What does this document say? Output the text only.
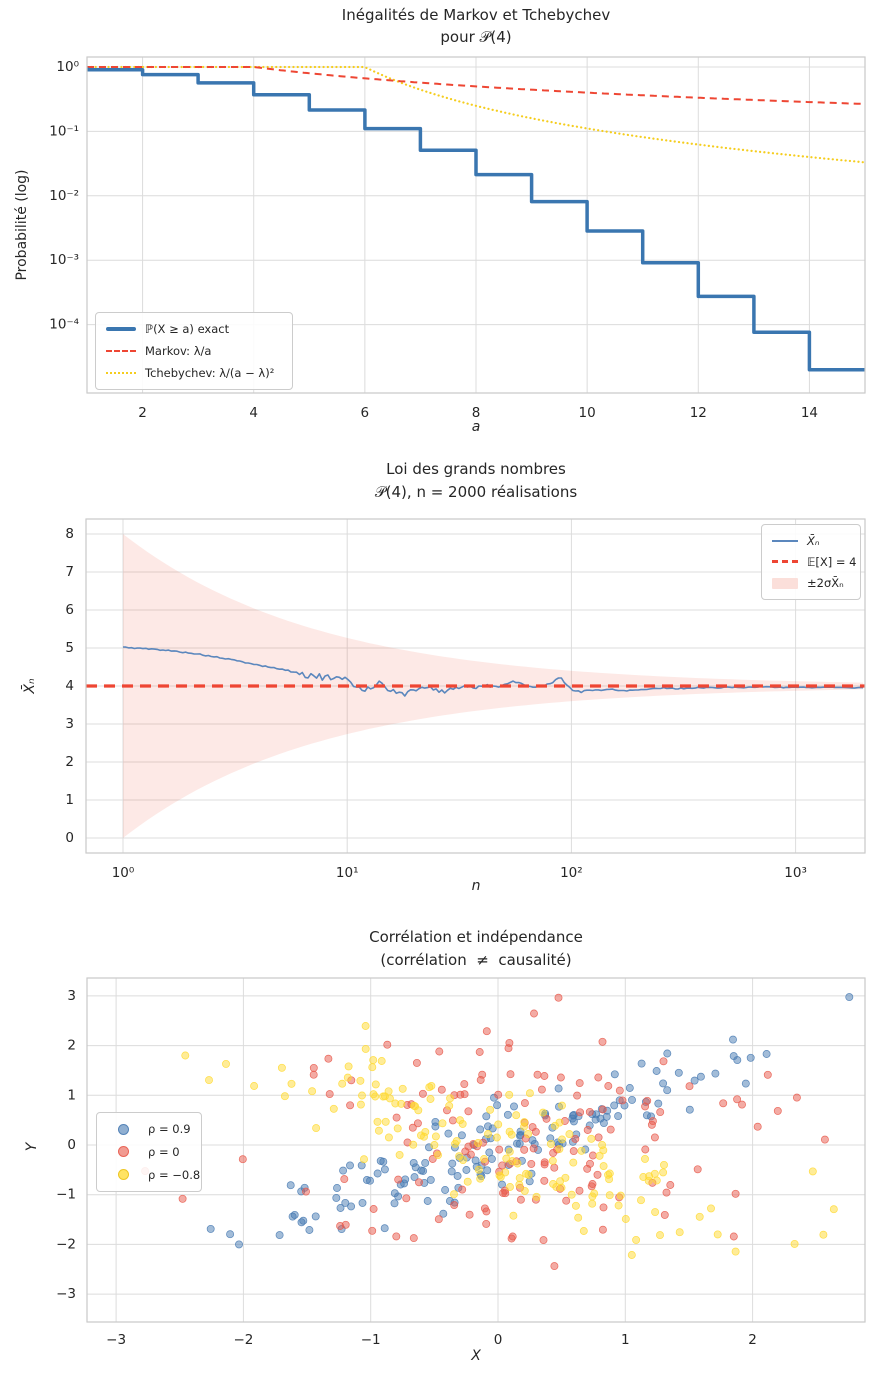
2	4	6	8	10	12	14
10⁰
10⁻¹
10⁻²
10⁻³
10⁻⁴
10⁰	10¹	10²	10³
0
1
2
3
4
5
6
7
8
−3	−2	−1	0	1	2
−3
−2
−1
0
1
2
3
Inégalités de Markov et Tchebychev
pour 𝒫(4)
a
Probabilité (log)
ℙ(X ≥ a) exact
Markov: λ/a
Tchebychev: λ/(a − λ)²
Loi des grands nombres
𝒫(4), n = 2000 réalisations
n
X̄ₙ
X̄ₙ
𝔼[X] = 4
±2σX̄ₙ
Corrélation et indépendance
(corrélation  ≠  causalité)
X
Y
ρ = 0.9
ρ = 0
ρ = −0.8
